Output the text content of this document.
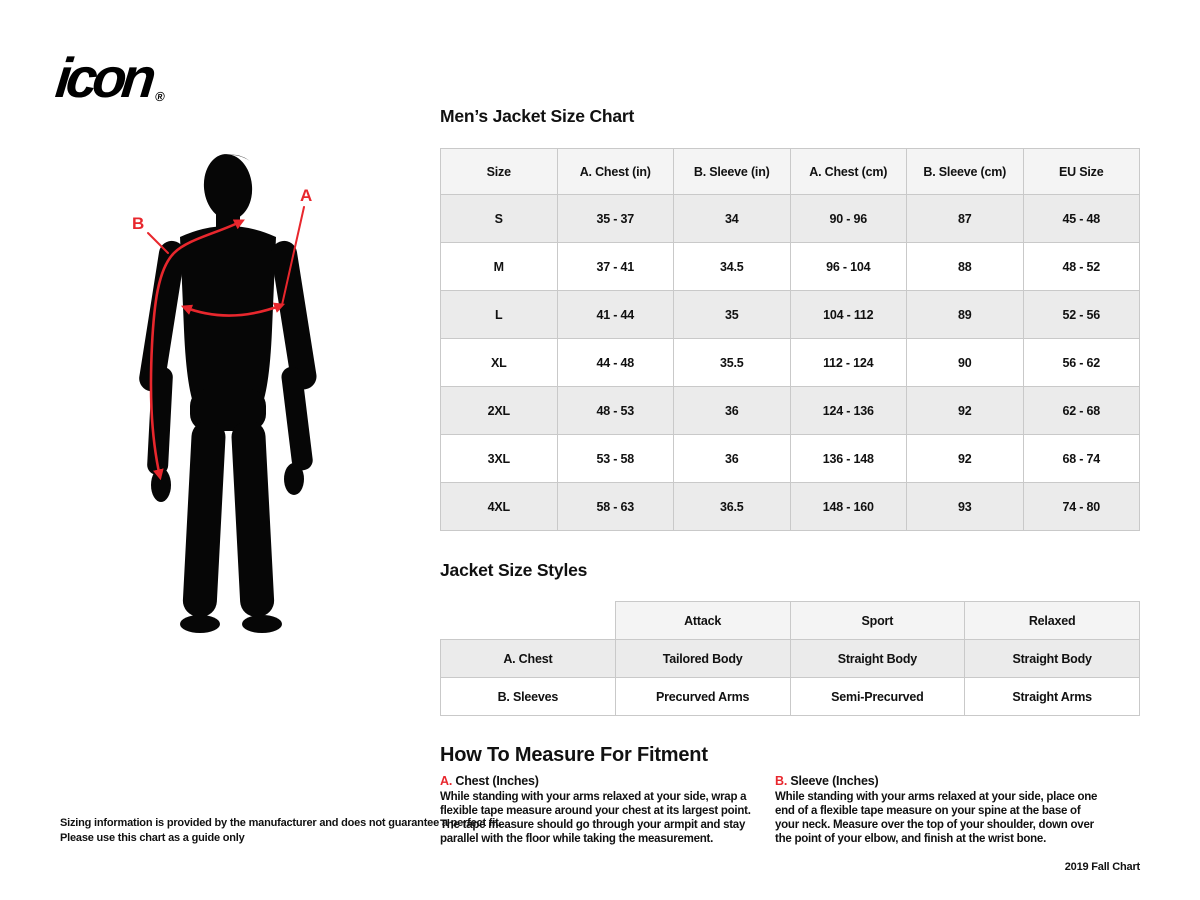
icon®
B
A
Men’s Jacket Size Chart
Size	A. Chest (in)	B. Sleeve (in)	A. Chest (cm)	B. Sleeve (cm)	EU Size
S	35 - 37	34	90 - 96	87	45 - 48
M	37 - 41	34.5	96 - 104	88	48 - 52
L	41 - 44	35	104 - 112	89	52 - 56
XL	44 - 48	35.5	112 - 124	90	56 - 62
2XL	48 - 53	36	124 - 136	92	62 - 68
3XL	53 - 58	36	136 - 148	92	68 - 74
4XL	58 - 63	36.5	148 - 160	93	74 - 80
Jacket Size Styles
	Attack	Sport	Relaxed
A. Chest	Tailored Body	Straight Body	Straight Body
B. Sleeves	Precurved Arms	Semi-Precurved	Straight Arms
How To Measure For Fitment
A. Chest (Inches)
While standing with your arms relaxed at your side, wrap a flexible tape measure around your chest at its largest point. The tape measure should go through your armpit and stay parallel with the floor while taking the measurement.
B. Sleeve (Inches)
While standing with your arms relaxed at your side, place one end of a flexible tape measure on your spine at the base of your neck. Measure over the top of your shoulder, down over the point of your elbow, and finish at the wrist bone.
Sizing information is provided by the manufacturer and does not guarantee a perfect fit.
Please use this chart as a guide only
2019 Fall Chart
